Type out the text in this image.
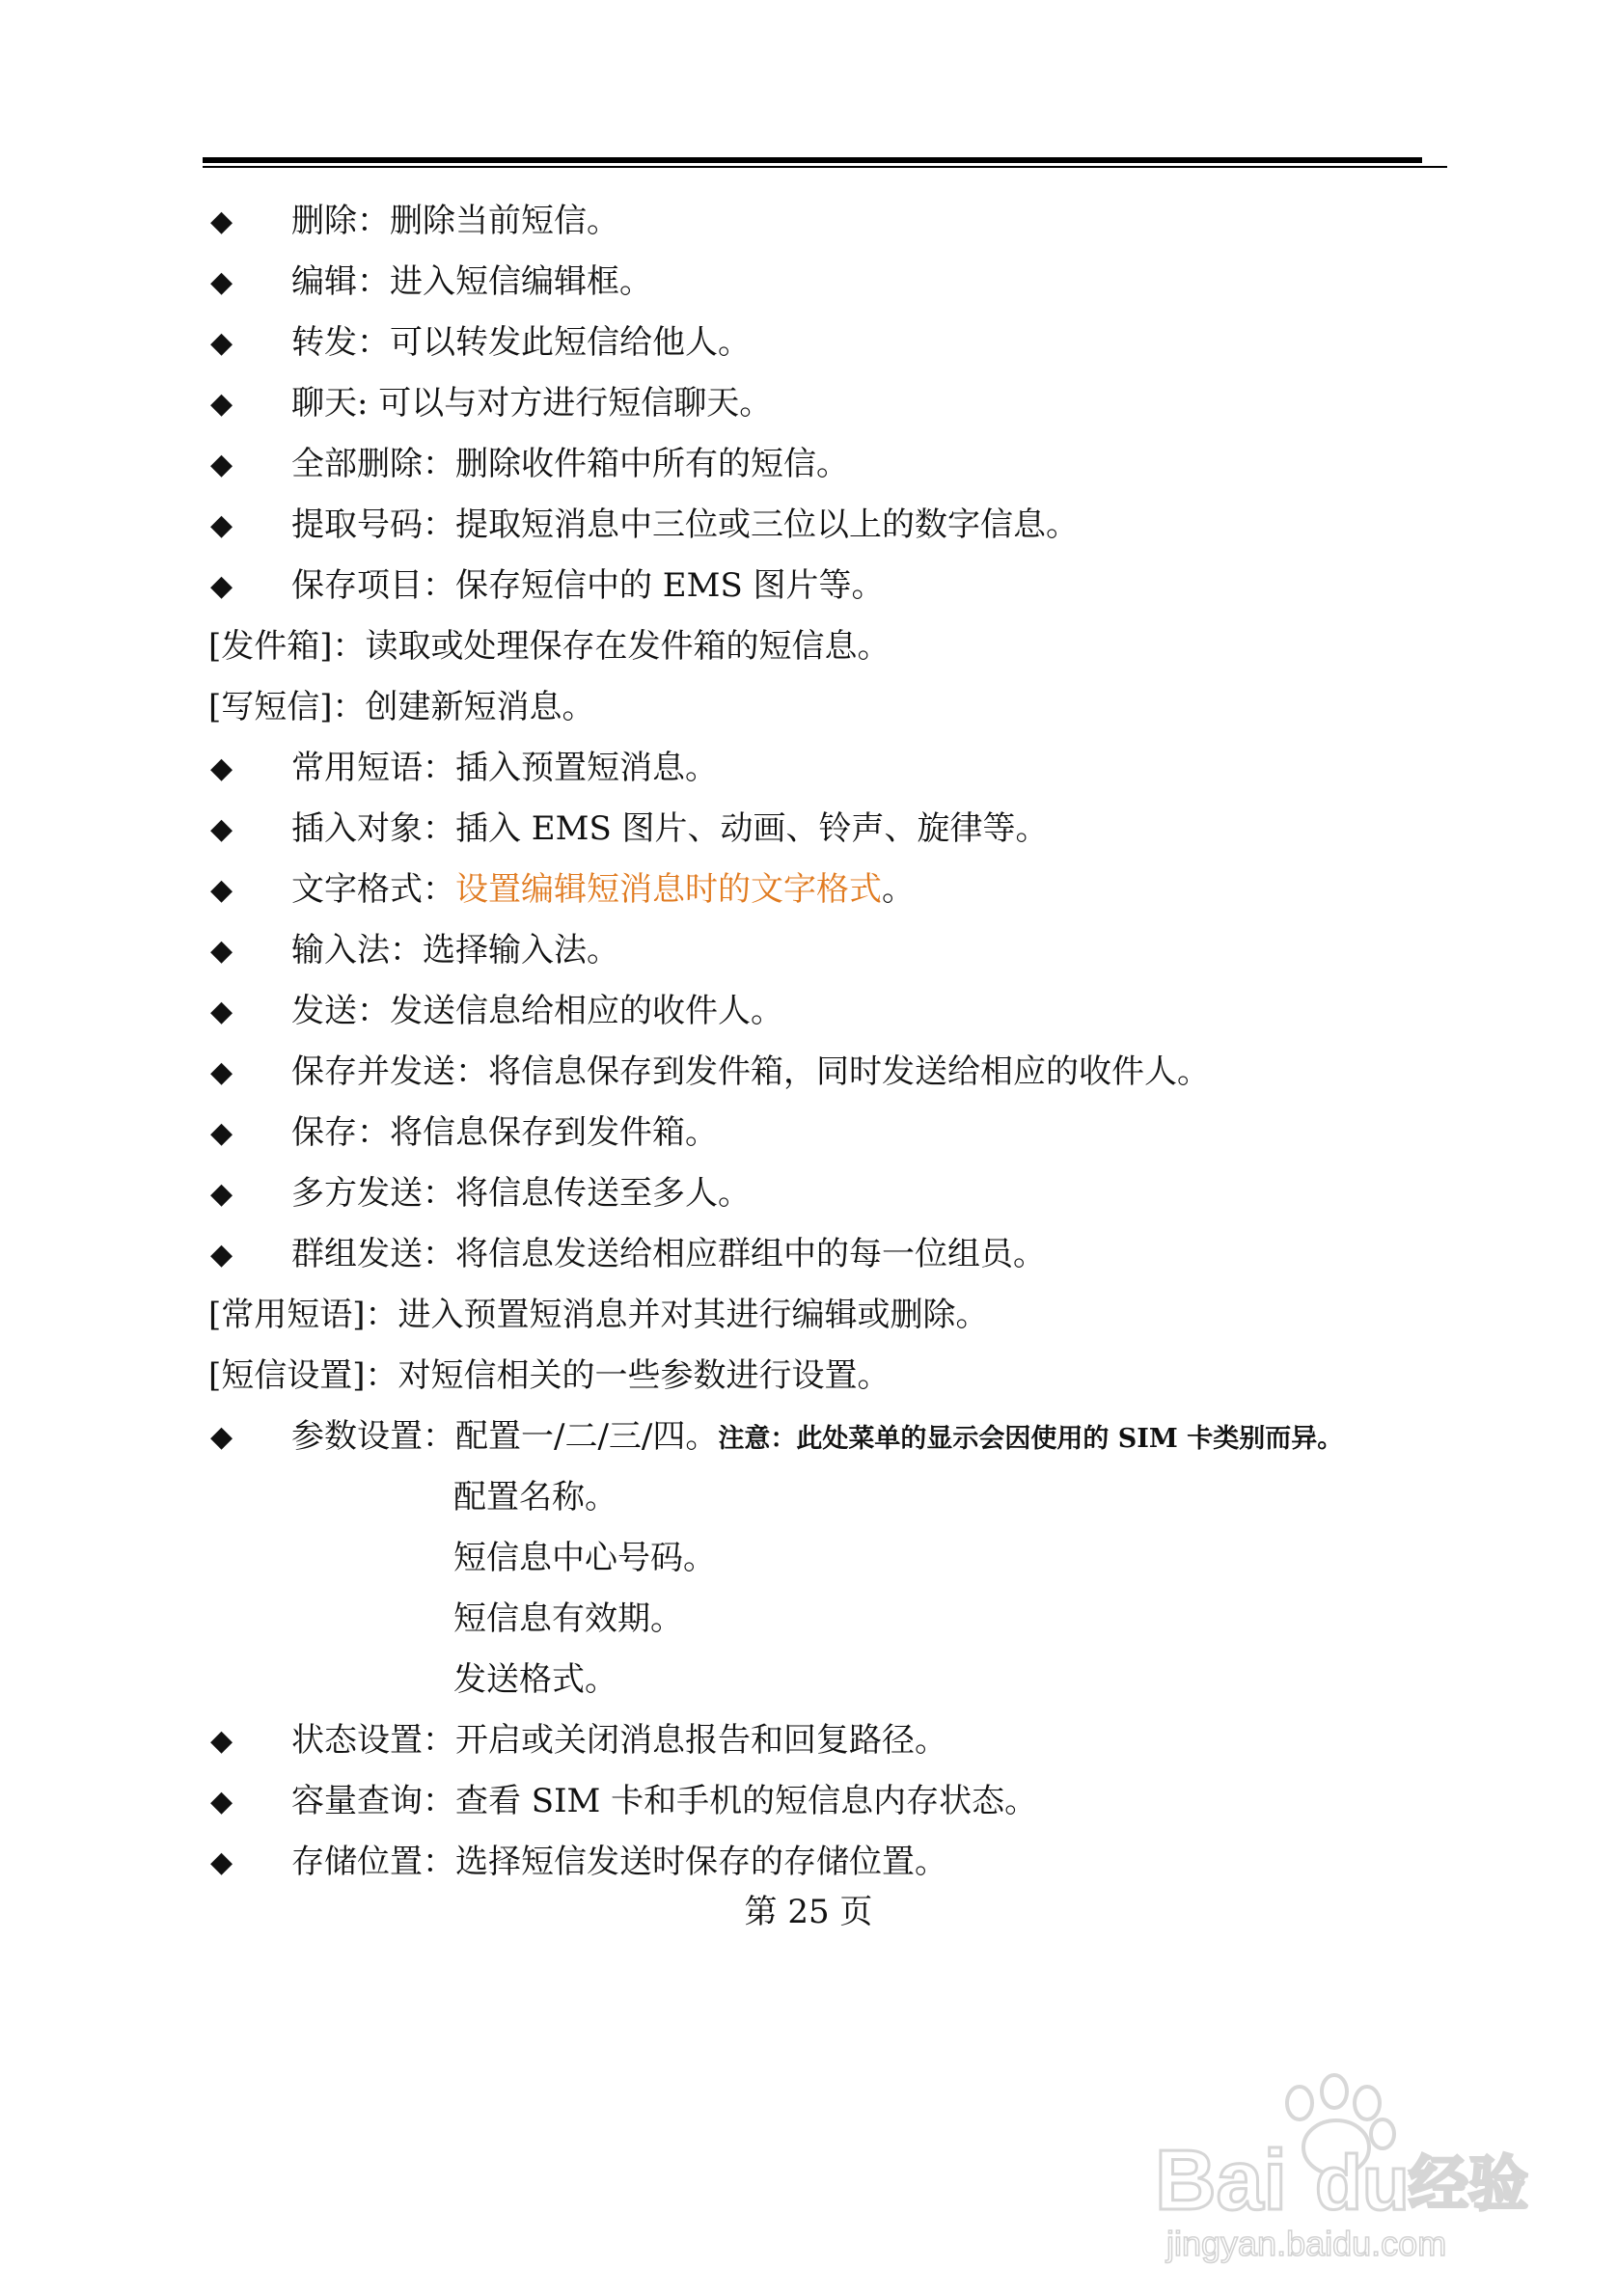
◆ 删除：删除当前短信。
◆ 编辑：进入短信编辑框。
◆ 转发：可以转发此短信给他人。
◆ 聊天: 可以与对方进行短信聊天。
◆ 全部删除：删除收件箱中所有的短信。
◆ 提取号码：提取短消息中三位或三位以上的数字信息。
◆ 保存项目：保存短信中的 EMS 图片等。
[发件箱]：读取或处理保存在发件箱的短信息。
[写短信]：创建新短消息。
◆ 常用短语：插入预置短消息。
◆ 插入对象：插入 EMS 图片、动画、铃声、旋律等。
◆ 文字格式：设置编辑短消息时的文字格式。
◆ 输入法：选择输入法。
◆ 发送：发送信息给相应的收件人。
◆ 保存并发送：将信息保存到发件箱，同时发送给相应的收件人。
◆ 保存：将信息保存到发件箱。
◆ 多方发送：将信息传送至多人。
◆ 群组发送：将信息发送给相应群组中的每一位组员。
[常用短语]：进入预置短消息并对其进行编辑或删除。
[短信设置]：对短信相关的一些参数进行设置。
◆ 参数设置：配置一/二/三/四。注意：此处菜单的显示会因使用的 SIM 卡类别而异。
配置名称。
短信息中心号码。
短信息有效期。
发送格式。
◆ 状态设置：开启或关闭消息报告和回复路径。
◆ 容量查询：查看 SIM 卡和手机的短信息内存状态。
◆ 存储位置：选择短信发送时保存的存储位置。
第 25 页
Bai du 经验
jingyan.baidu.com
